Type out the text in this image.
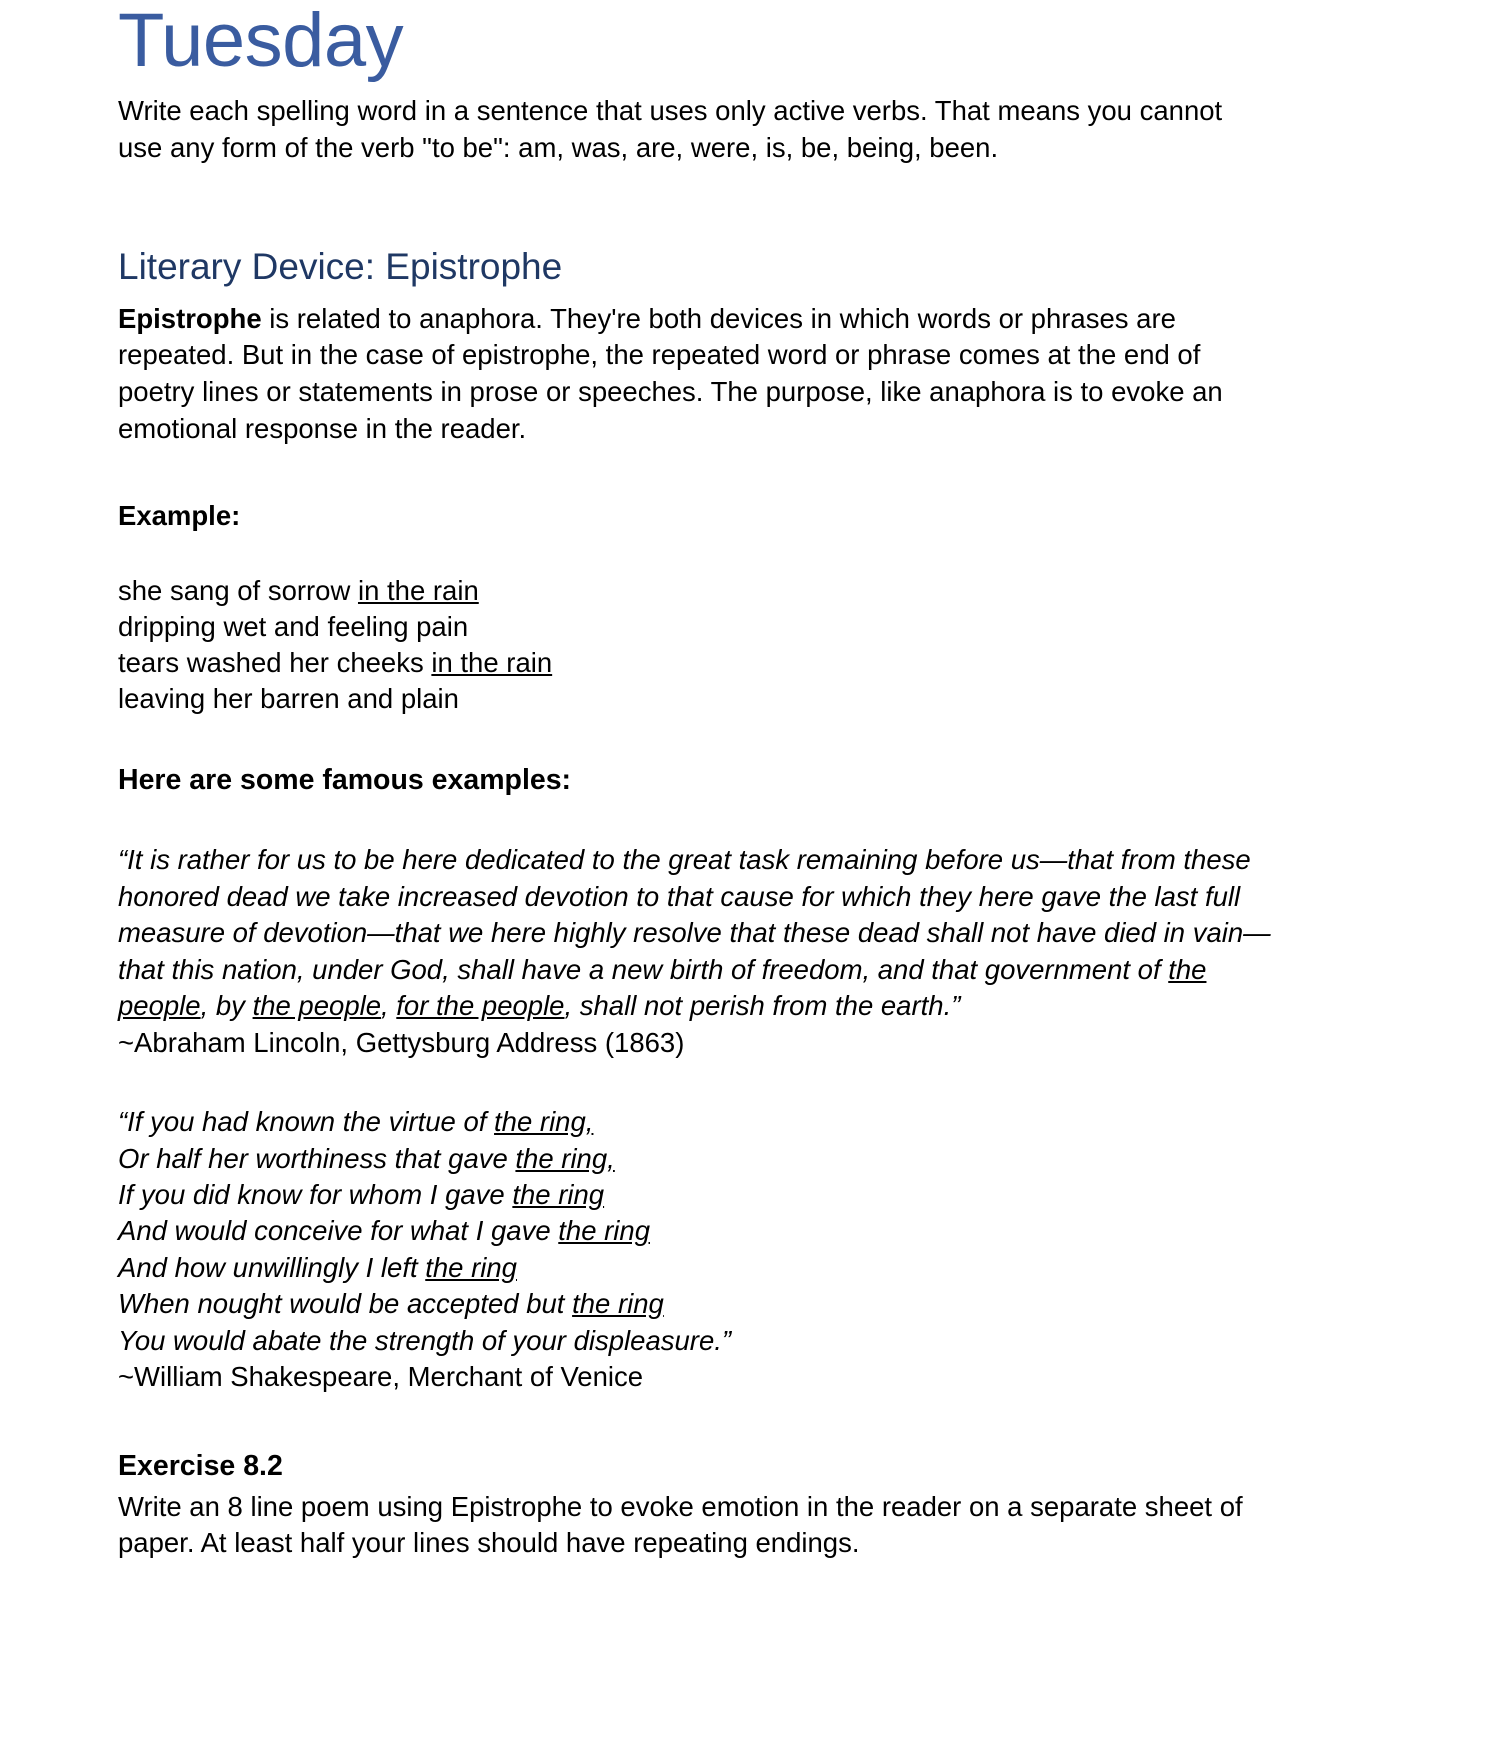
Tuesday

Write each spelling word in a sentence that uses only active verbs. That means you cannot use any form of the verb "to be": am, was, are, were, is, be, being, been.

Literary Device: Epistrophe

Epistrophe is related to anaphora. They're both devices in which words or phrases are repeated. But in the case of epistrophe, the repeated word or phrase comes at the end of poetry lines or statements in prose or speeches. The purpose, like anaphora is to evoke an emotional response in the reader.

Example:

she sang of sorrow in the rain
dripping wet and feeling pain
tears washed her cheeks in the rain
leaving her barren and plain

Here are some famous examples:

“It is rather for us to be here dedicated to the great task remaining before us—that from these honored dead we take increased devotion to that cause for which they here gave the last full measure of devotion—that we here highly resolve that these dead shall not have died in vain—that this nation, under God, shall have a new birth of freedom, and that government of the people, by the people, for the people, shall not perish from the earth.”
~Abraham Lincoln, Gettysburg Address (1863)
“If you had known the virtue of the ring,
Or half her worthiness that gave the ring,
If you did know for whom I gave the ring
And would conceive for what I gave the ring
And how unwillingly I left the ring
When nought would be accepted but the ring
You would abate the strength of your displeasure.”
~William Shakespeare, Merchant of Venice

Exercise 8.2

Write an 8 line poem using Epistrophe to evoke emotion in the reader on a separate sheet of paper. At least half your lines should have repeating endings.
